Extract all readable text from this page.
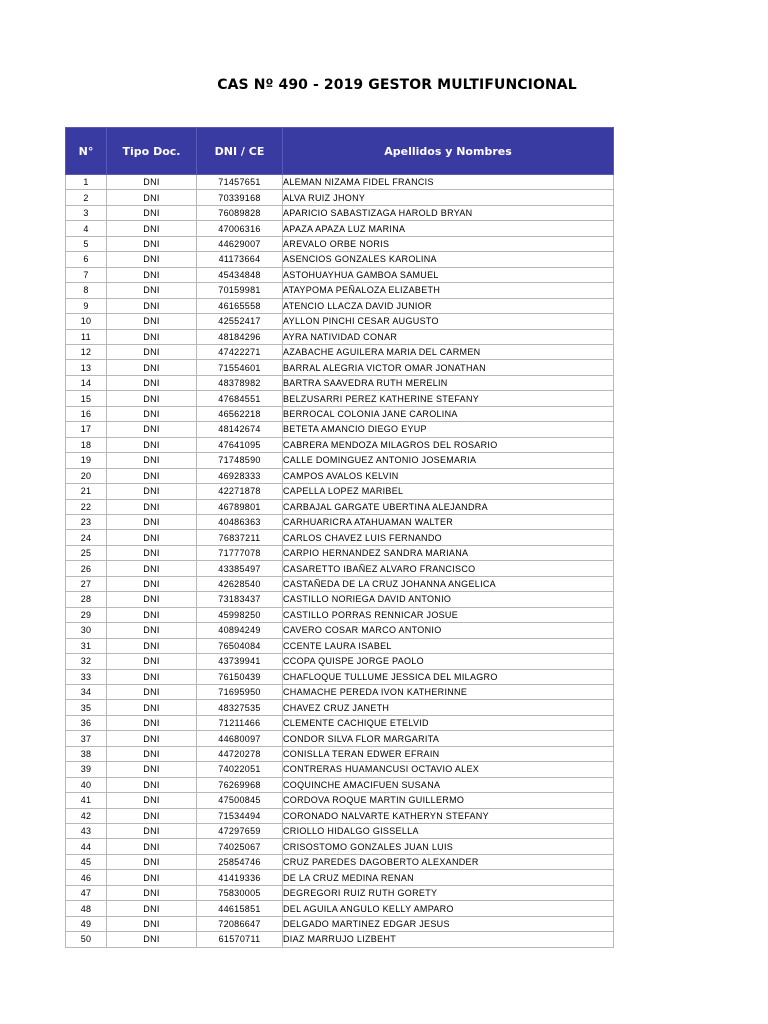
CAS Nº 490 - 2019 GESTOR MULTIFUNCIONAL
N°	Tipo Doc.	DNI / CE	Apellidos y Nombres
1	DNI	71457651	ALEMAN NIZAMA FIDEL FRANCIS
2	DNI	70339168	ALVA RUIZ JHONY
3	DNI	76089828	APARICIO SABASTIZAGA HAROLD BRYAN
4	DNI	47006316	APAZA APAZA LUZ MARINA
5	DNI	44629007	AREVALO ORBE NORIS
6	DNI	41173664	ASENCIOS GONZALES KAROLINA
7	DNI	45434848	ASTOHUAYHUA GAMBOA SAMUEL
8	DNI	70159981	ATAYPOMA PEÑALOZA ELIZABETH
9	DNI	46165558	ATENCIO LLACZA DAVID JUNIOR
10	DNI	42552417	AYLLON PINCHI CESAR AUGUSTO
11	DNI	48184296	AYRA NATIVIDAD CONAR
12	DNI	47422271	AZABACHE AGUILERA MARIA DEL CARMEN
13	DNI	71554601	BARRAL ALEGRIA VICTOR OMAR JONATHAN
14	DNI	48378982	BARTRA SAAVEDRA RUTH MERELIN
15	DNI	47684551	BELZUSARRI PEREZ KATHERINE STEFANY
16	DNI	46562218	BERROCAL COLONIA JANE CAROLINA
17	DNI	48142674	BETETA AMANCIO DIEGO EYUP
18	DNI	47641095	CABRERA MENDOZA MILAGROS DEL ROSARIO
19	DNI	71748590	CALLE DOMINGUEZ ANTONIO JOSEMARIA
20	DNI	46928333	CAMPOS AVALOS KELVIN
21	DNI	42271878	CAPELLA LOPEZ MARIBEL
22	DNI	46789801	CARBAJAL GARGATE UBERTINA ALEJANDRA
23	DNI	40486363	CARHUARICRA ATAHUAMAN WALTER
24	DNI	76837211	CARLOS CHAVEZ LUIS FERNANDO
25	DNI	71777078	CARPIO HERNANDEZ SANDRA MARIANA
26	DNI	43385497	CASARETTO IBAÑEZ ALVARO FRANCISCO
27	DNI	42628540	CASTAÑEDA DE LA CRUZ JOHANNA ANGELICA
28	DNI	73183437	CASTILLO NORIEGA DAVID ANTONIO
29	DNI	45998250	CASTILLO PORRAS RENNICAR JOSUE
30	DNI	40894249	CAVERO COSAR MARCO ANTONIO
31	DNI	76504084	CCENTE LAURA ISABEL
32	DNI	43739941	CCOPA QUISPE JORGE PAOLO
33	DNI	76150439	CHAFLOQUE TULLUME JESSICA DEL MILAGRO
34	DNI	71695950	CHAMACHE PEREDA IVON KATHERINNE
35	DNI	48327535	CHAVEZ CRUZ JANETH
36	DNI	71211466	CLEMENTE CACHIQUE ETELVID
37	DNI	44680097	CONDOR SILVA FLOR MARGARITA
38	DNI	44720278	CONISLLA TERAN EDWER EFRAIN
39	DNI	74022051	CONTRERAS HUAMANCUSI OCTAVIO ALEX
40	DNI	76269968	COQUINCHE AMACIFUEN SUSANA
41	DNI	47500845	CORDOVA ROQUE MARTIN GUILLERMO
42	DNI	71534494	CORONADO NALVARTE KATHERYN STEFANY
43	DNI	47297659	CRIOLLO HIDALGO GISSELLA
44	DNI	74025067	CRISOSTOMO GONZALES JUAN LUIS
45	DNI	25854746	CRUZ PAREDES DAGOBERTO ALEXANDER
46	DNI	41419336	DE LA CRUZ MEDINA RENAN
47	DNI	75830005	DEGREGORI RUIZ RUTH GORETY
48	DNI	44615851	DEL AGUILA ANGULO KELLY AMPARO
49	DNI	72086647	DELGADO MARTINEZ EDGAR JESUS
50	DNI	61570711	DIAZ MARRUJO LIZBEHT
